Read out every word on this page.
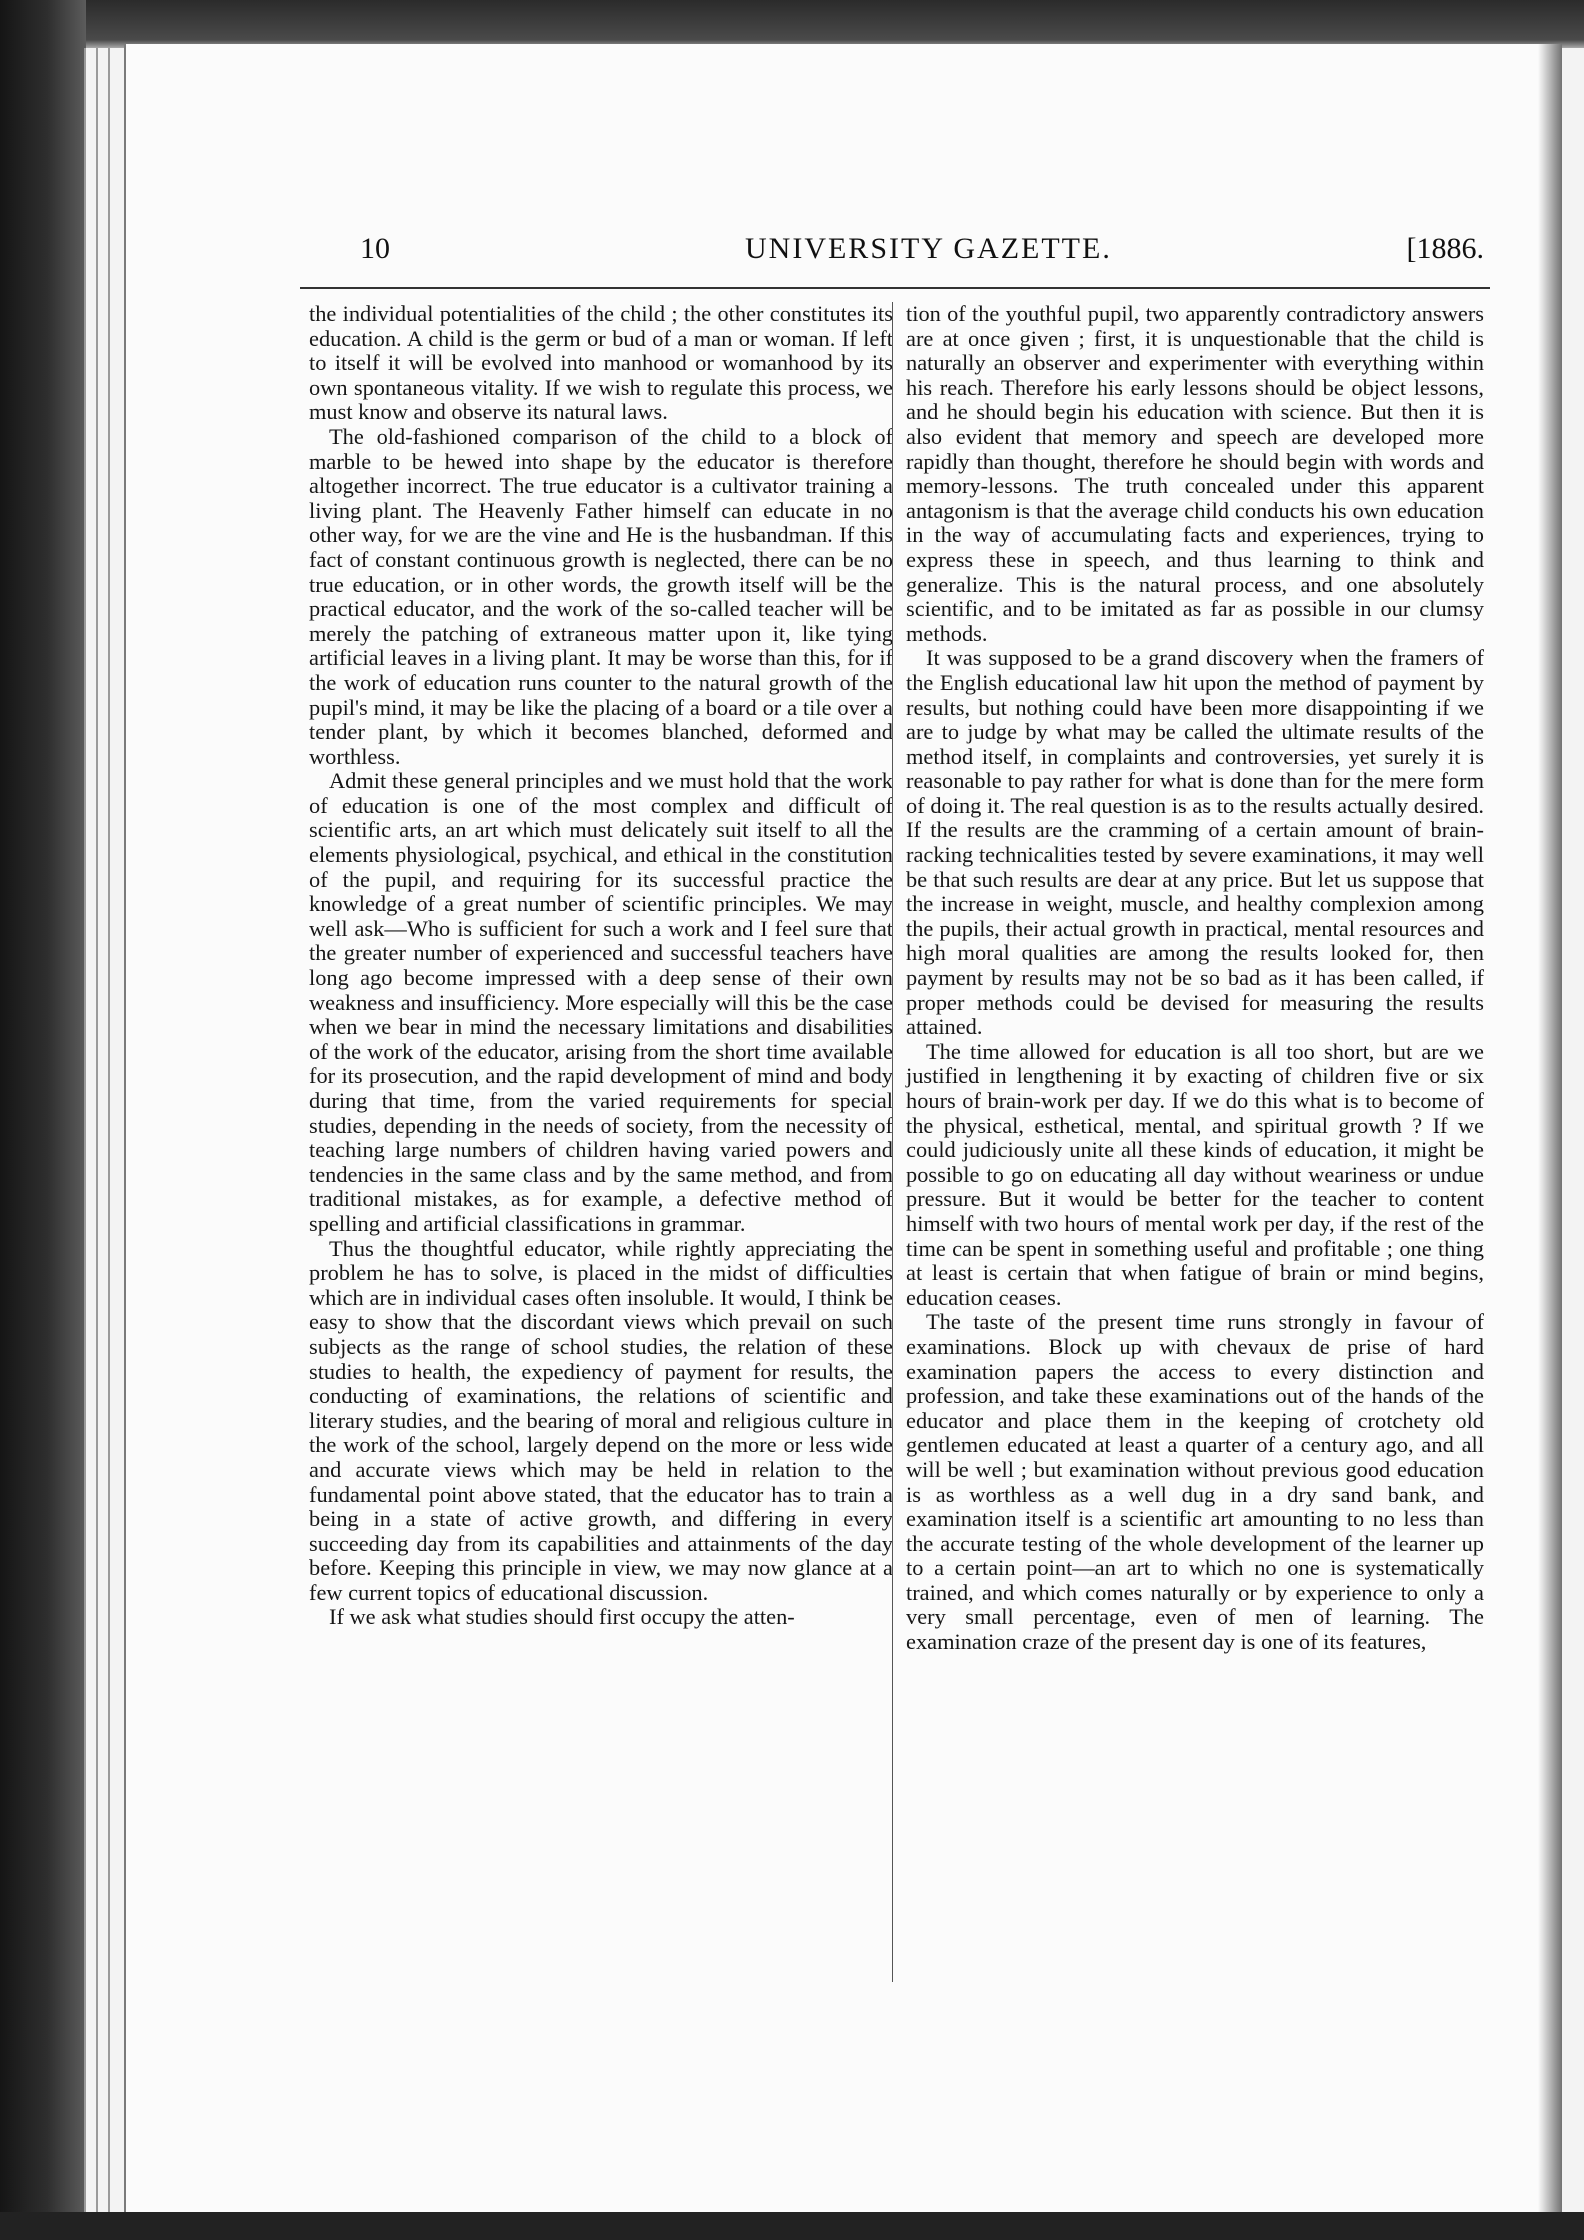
10	UNIVERSITY GAZETTE.	[1886.

the individual potentialities of the child ; the other constitutes its education. A child is the germ or bud of a man or woman. If left to itself it will be evolved into manhood or womanhood by its own spontaneous vitality. If we wish to regulate this process, we must know and observe its natural laws.

The old-fashioned comparison of the child to a block of marble to be hewed into shape by the educator is therefore altogether incorrect. The true educator is a cultivator training a living plant. The Heavenly Father himself can educate in no other way, for we are the vine and He is the husbandman. If this fact of constant continuous growth is neglected, there can be no true education, or in other words, the growth itself will be the practical educator, and the work of the so-called teacher will be merely the patching of extraneous matter upon it, like tying artificial leaves in a living plant. It may be worse than this, for if the work of education runs counter to the natural growth of the pupil's mind, it may be like the placing of a board or a tile over a tender plant, by which it becomes blanched, deformed and worthless.

Admit these general principles and we must hold that the work of education is one of the most complex and difficult of scientific arts, an art which must delicately suit itself to all the elements physiological, psychical, and ethical in the constitution of the pupil, and requiring for its successful practice the knowledge of a great number of scientific principles. We may well ask—Who is sufficient for such a work and I feel sure that the greater number of experienced and successful teachers have long ago become impressed with a deep sense of their own weakness and insufficiency. More especially will this be the case when we bear in mind the necessary limitations and disabilities of the work of the educator, arising from the short time available for its prosecution, and the rapid development of mind and body during that time, from the varied requirements for special studies, depending in the needs of society, from the necessity of teaching large numbers of children having varied powers and tendencies in the same class and by the same method, and from traditional mistakes, as for example, a defective method of spelling and artificial classifications in grammar.

Thus the thoughtful educator, while rightly appreciating the problem he has to solve, is placed in the midst of difficulties which are in individual cases often insoluble. It would, I think be easy to show that the discordant views which prevail on such subjects as the range of school studies, the relation of these studies to health, the expediency of payment for results, the conducting of examinations, the relations of scientific and literary studies, and the bearing of moral and religious culture in the work of the school, largely depend on the more or less wide and accurate views which may be held in relation to the fundamental point above stated, that the educator has to train a being in a state of active growth, and differing in every succeeding day from its capabilities and attainments of the day before. Keeping this principle in view, we may now glance at a few current topics of educational discussion.

If we ask what studies should first occupy the atten-

tion of the youthful pupil, two apparently contradictory answers are at once given ; first, it is unquestionable that the child is naturally an observer and experimenter with everything within his reach. Therefore his early lessons should be object lessons, and he should begin his education with science. But then it is also evident that memory and speech are developed more rapidly than thought, therefore he should begin with words and memory-lessons. The truth concealed under this apparent antagonism is that the average child conducts his own education in the way of accumulating facts and experiences, trying to express these in speech, and thus learning to think and generalize. This is the natural process, and one absolutely scientific, and to be imitated as far as possible in our clumsy methods.

It was supposed to be a grand discovery when the framers of the English educational law hit upon the method of payment by results, but nothing could have been more disappointing if we are to judge by what may be called the ultimate results of the method itself, in complaints and controversies, yet surely it is reasonable to pay rather for what is done than for the mere form of doing it. The real question is as to the results actually desired. If the results are the cramming of a certain amount of brain-racking technicalities tested by severe examinations, it may well be that such results are dear at any price. But let us suppose that the increase in weight, muscle, and healthy complexion among the pupils, their actual growth in practical, mental resources and high moral qualities are among the results looked for, then payment by results may not be so bad as it has been called, if proper methods could be devised for measuring the results attained.

The time allowed for education is all too short, but are we justified in lengthening it by exacting of children five or six hours of brain-work per day. If we do this what is to become of the physical, esthetical, mental, and spiritual growth ? If we could judiciously unite all these kinds of education, it might be possible to go on educating all day without weariness or undue pressure. But it would be better for the teacher to content himself with two hours of mental work per day, if the rest of the time can be spent in something useful and profitable ; one thing at least is certain that when fatigue of brain or mind begins, education ceases.

The taste of the present time runs strongly in favour of examinations. Block up with chevaux de prise of hard examination papers the access to every distinction and profession, and take these examinations out of the hands of the educator and place them in the keeping of crotchety old gentlemen educated at least a quarter of a century ago, and all will be well ; but examination without previous good education is as worthless as a well dug in a dry sand bank, and examination itself is a scientific art amounting to no less than the accurate testing of the whole development of the learner up to a certain point—an art to which no one is systematically trained, and which comes naturally or by experience to only a very small percentage, even of men of learning. The examination craze of the present day is one of its features,
